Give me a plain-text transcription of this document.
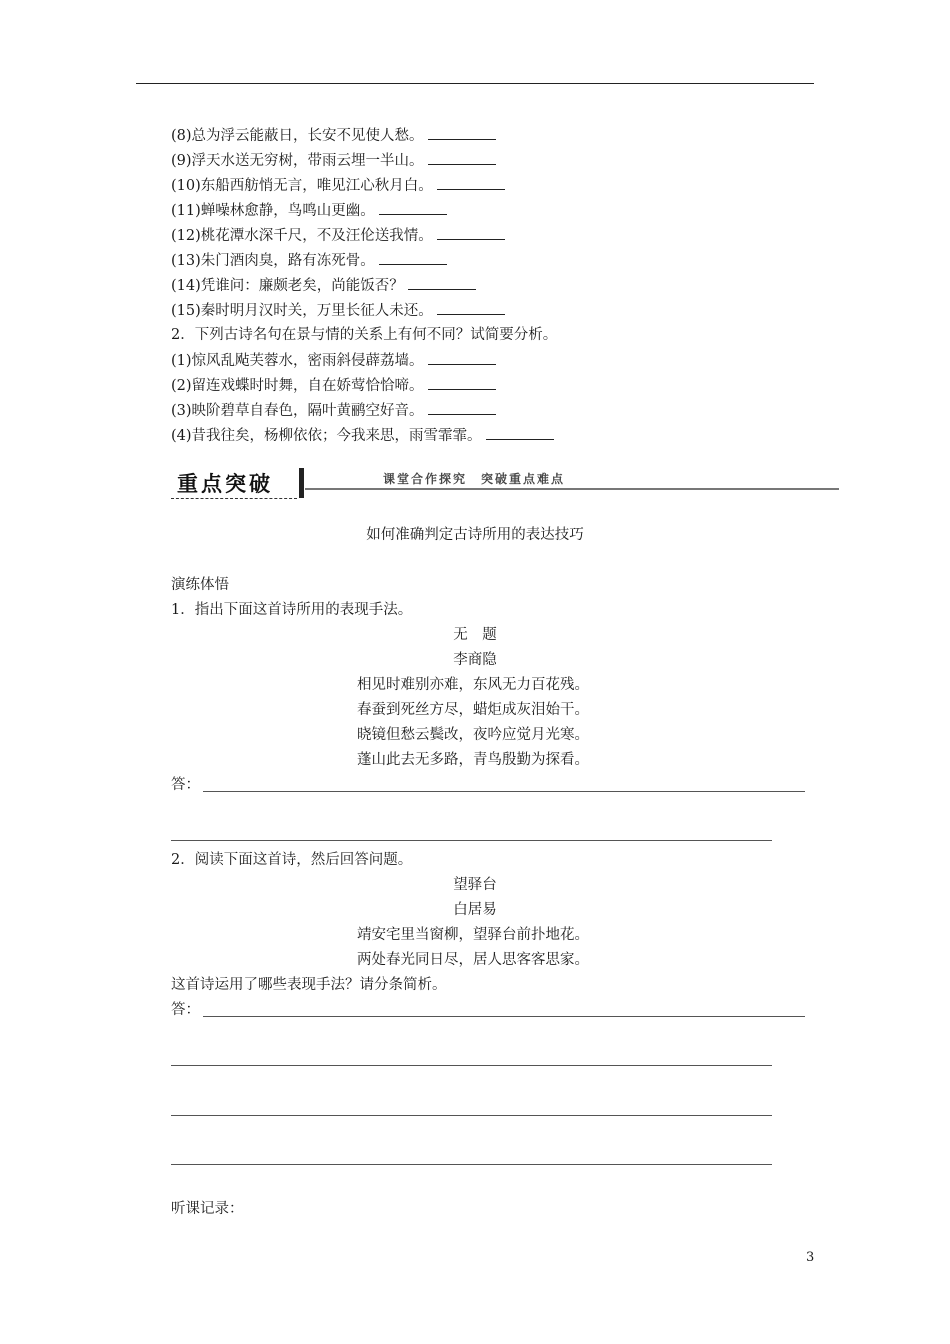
(8)总为浮云能蔽日，长安不见使人愁。
(9)浮天水送无穷树，带雨云埋一半山。
(10)东船西舫悄无言，唯见江心秋月白。
(11)蝉噪林愈静，鸟鸣山更幽。
(12)桃花潭水深千尺，不及汪伦送我情。
(13)朱门酒肉臭，路有冻死骨。
(14)凭谁问：廉颇老矣，尚能饭否？
(15)秦时明月汉时关，万里长征人未还。
2．下列古诗名句在景与情的关系上有何不同？试简要分析。
(1)惊风乱飐芙蓉水，密雨斜侵薜荔墙。
(2)留连戏蝶时时舞，自在娇莺恰恰啼。
(3)映阶碧草自春色，隔叶黄鹂空好音。
(4)昔我往矣，杨柳依依；今我来思，雨雪霏霏。
重点突破	课堂合作探究　突破重点难点
如何准确判定古诗所用的表达技巧
演练体悟
1．指出下面这首诗所用的表现手法。
无　题
李商隐
相见时难别亦难，东风无力百花残。
春蚕到死丝方尽，蜡炬成灰泪始干。
晓镜但愁云鬓改，夜吟应觉月光寒。
蓬山此去无多路，青鸟殷勤为探看。
答：
2．阅读下面这首诗，然后回答问题。
望驿台
白居易
靖安宅里当窗柳，望驿台前扑地花。
两处春光同日尽，居人思客客思家。
这首诗运用了哪些表现手法？请分条简析。
答：
听课记录：
3
